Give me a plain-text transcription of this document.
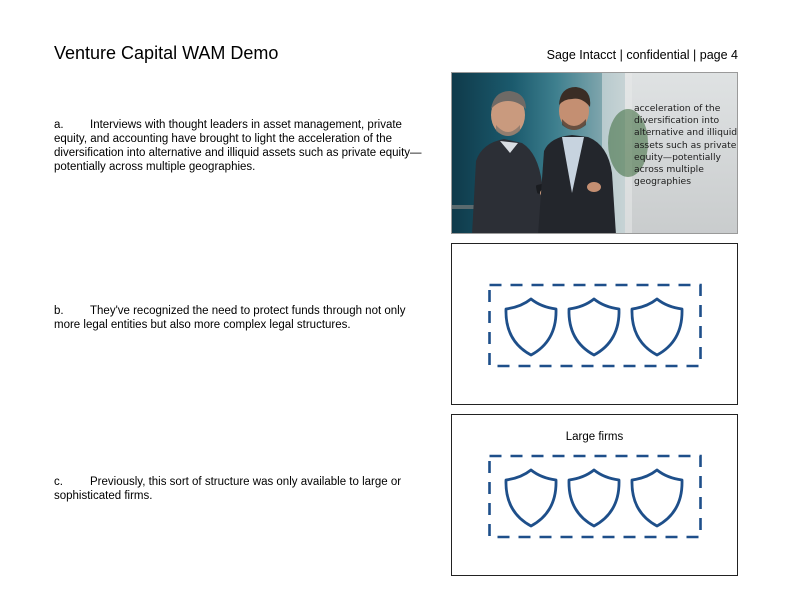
Venture Capital WAM Demo	Sage Intacct | confidential | page 4
a. Interviews with thought leaders in asset management, private equity, and accounting have brought to light the acceleration of the diversification into alternative and illiquid assets such as private equity—potentially across multiple geographies.
b. They've recognized the need to protect funds through not only more legal entities but also more complex legal structures.
c. Previously, this sort of structure was only available to large or sophisticated firms.
acceleration of the diversification into alternative and illiquid assets such as private equity—potentially across multiple geographies
Large firms
